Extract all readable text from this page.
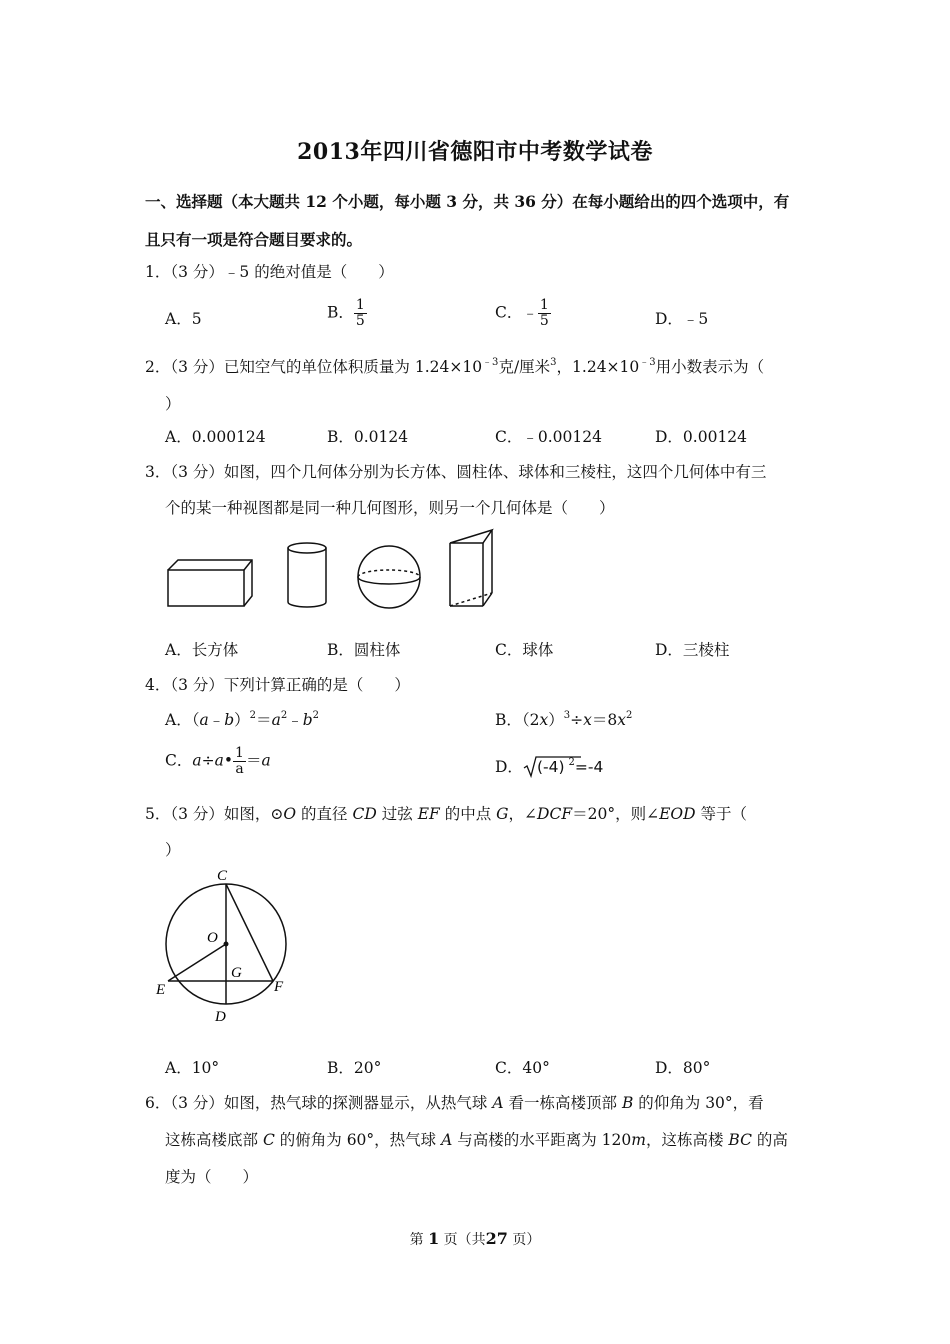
2013年四川省德阳市中考数学试卷
一、选择题（本大题共 12 个小题，每小题 3 分，共 36 分）在每小题给出的四个选项中，有
且只有一项是符合题目要求的。
1．（3 分）﹣5 的绝对值是（　　）
A．5	B． $\frac{1}{5}$	C．﹣ $\frac{1}{5}$	D．﹣5
2．（3 分）已知空气的单位体积质量为 $1.24\times 10^{﹣3}$克/厘米$^3$，$1.24\times 10^{﹣3}$用小数表示为（
）
A．0.000124	B．0.0124	C．﹣0.00124	D．0.00124
3．（3 分）如图，四个几何体分别为长方体、圆柱体、球体和三棱柱，这四个几何体中有三
个的某一种视图都是同一种几何图形，则另一个几何体是（　　）
A．长方体	B．圆柱体	C．球体	D．三棱柱
4．（3 分）下列计算正确的是（　　）
A．$(a﹣b)^2=a^2﹣b^2$	B．$(2x)^3\div x=8x^2$
C．a÷a• $\frac{1}{a} =a$	D． (-4) $^2$=-4
5．（3 分）如图，⊙O 的直径 CD 过弦 EF 的中点 G，∠DCF＝20°，则∠EOD 等于（
）
C
O
G
E	F
D
A．10°	B．20°	C．40°	D．80°
6．（3 分）如图，热气球的探测器显示，从热气球 A 看一栋高楼顶部 B 的仰角为 30°，看
这栋高楼底部 C 的俯角为 60°，热气球 A 与高楼的水平距离为 120m，这栋高楼 BC 的高
度为（　　）
第 1 页（共27 页）
